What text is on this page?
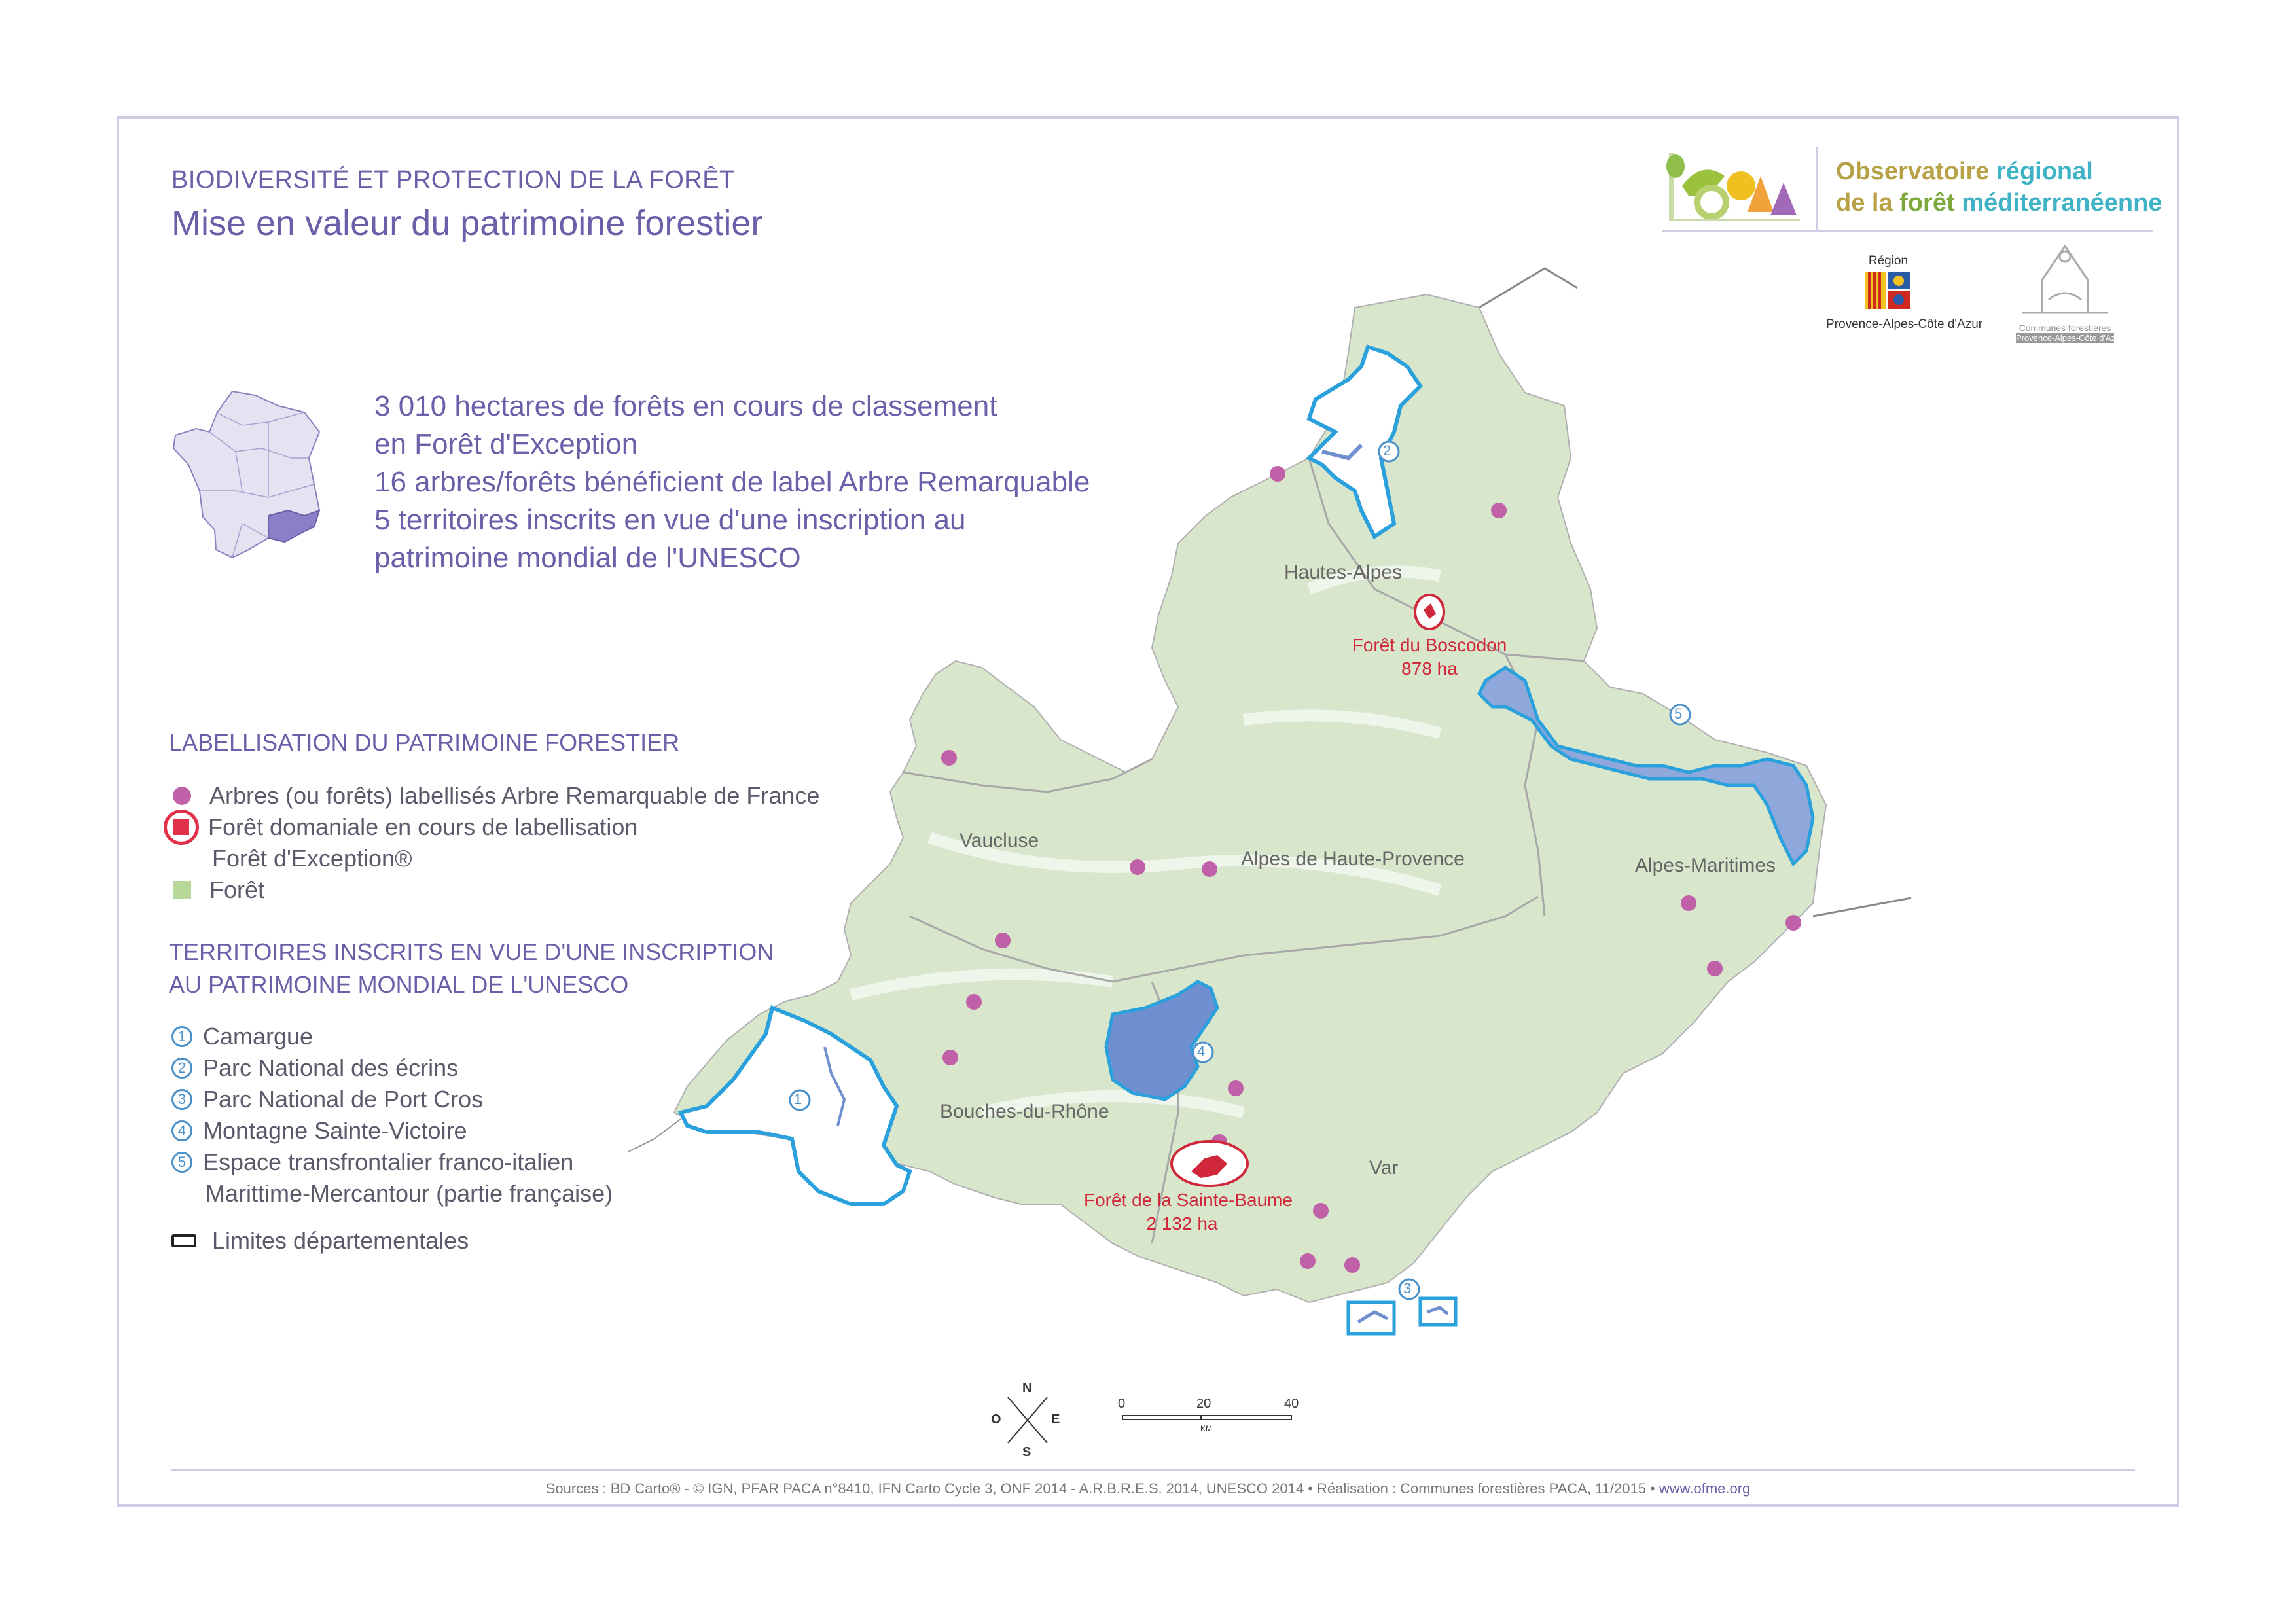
BIODIVERSITÉ ET PROTECTION DE LA FORÊT
Mise en valeur du patrimoine forestier
Observatoire régional
de la forêt méditerranéenne
Région
Provence-Alpes-Côte d'Azur	Communes forestières
Provence-Alpes-Côte d'Azur
3 010 hectares de forêts en cours de classement
en Forêt d'Exception
16 arbres/forêts bénéficient de label Arbre Remarquable
5 territoires inscrits en vue d'une inscription au
patrimoine mondial de l'UNESCO
LABELLISATION DU PATRIMOINE FORESTIER
Arbres (ou forêts) labellisés Arbre Remarquable de France
Forêt domaniale en cours de labellisation
Forêt d'Exception®
Forêt
TERRITOIRES INSCRITS EN VUE D'UNE INSCRIPTION
AU PATRIMOINE MONDIAL DE L'UNESCO
1 Camargue
2 Parc National des écrins
3 Parc National de Port Cros
4 Montagne Sainte-Victoire
5 Espace transfrontalier franco-italien
Marittime-Mercantour (partie française)
Limites départementales
1
2
3
4
5
Hautes-Alpes
Vaucluse
Alpes de Haute-Provence	Alpes-Maritimes
Bouches-du-Rhône
Var
Forêt du Boscodon
878 ha
Forêt de la Sainte-Baume
2 132 ha
N
S
E
O
0	20	40
KM
Sources : BD Carto® - © IGN, PFAR PACA n°8410, IFN Carto Cycle 3, ONF 2014 - A.R.B.R.E.S. 2014, UNESCO 2014 • Réalisation : Communes forestières PACA, 11/2015 • www.ofme.org
